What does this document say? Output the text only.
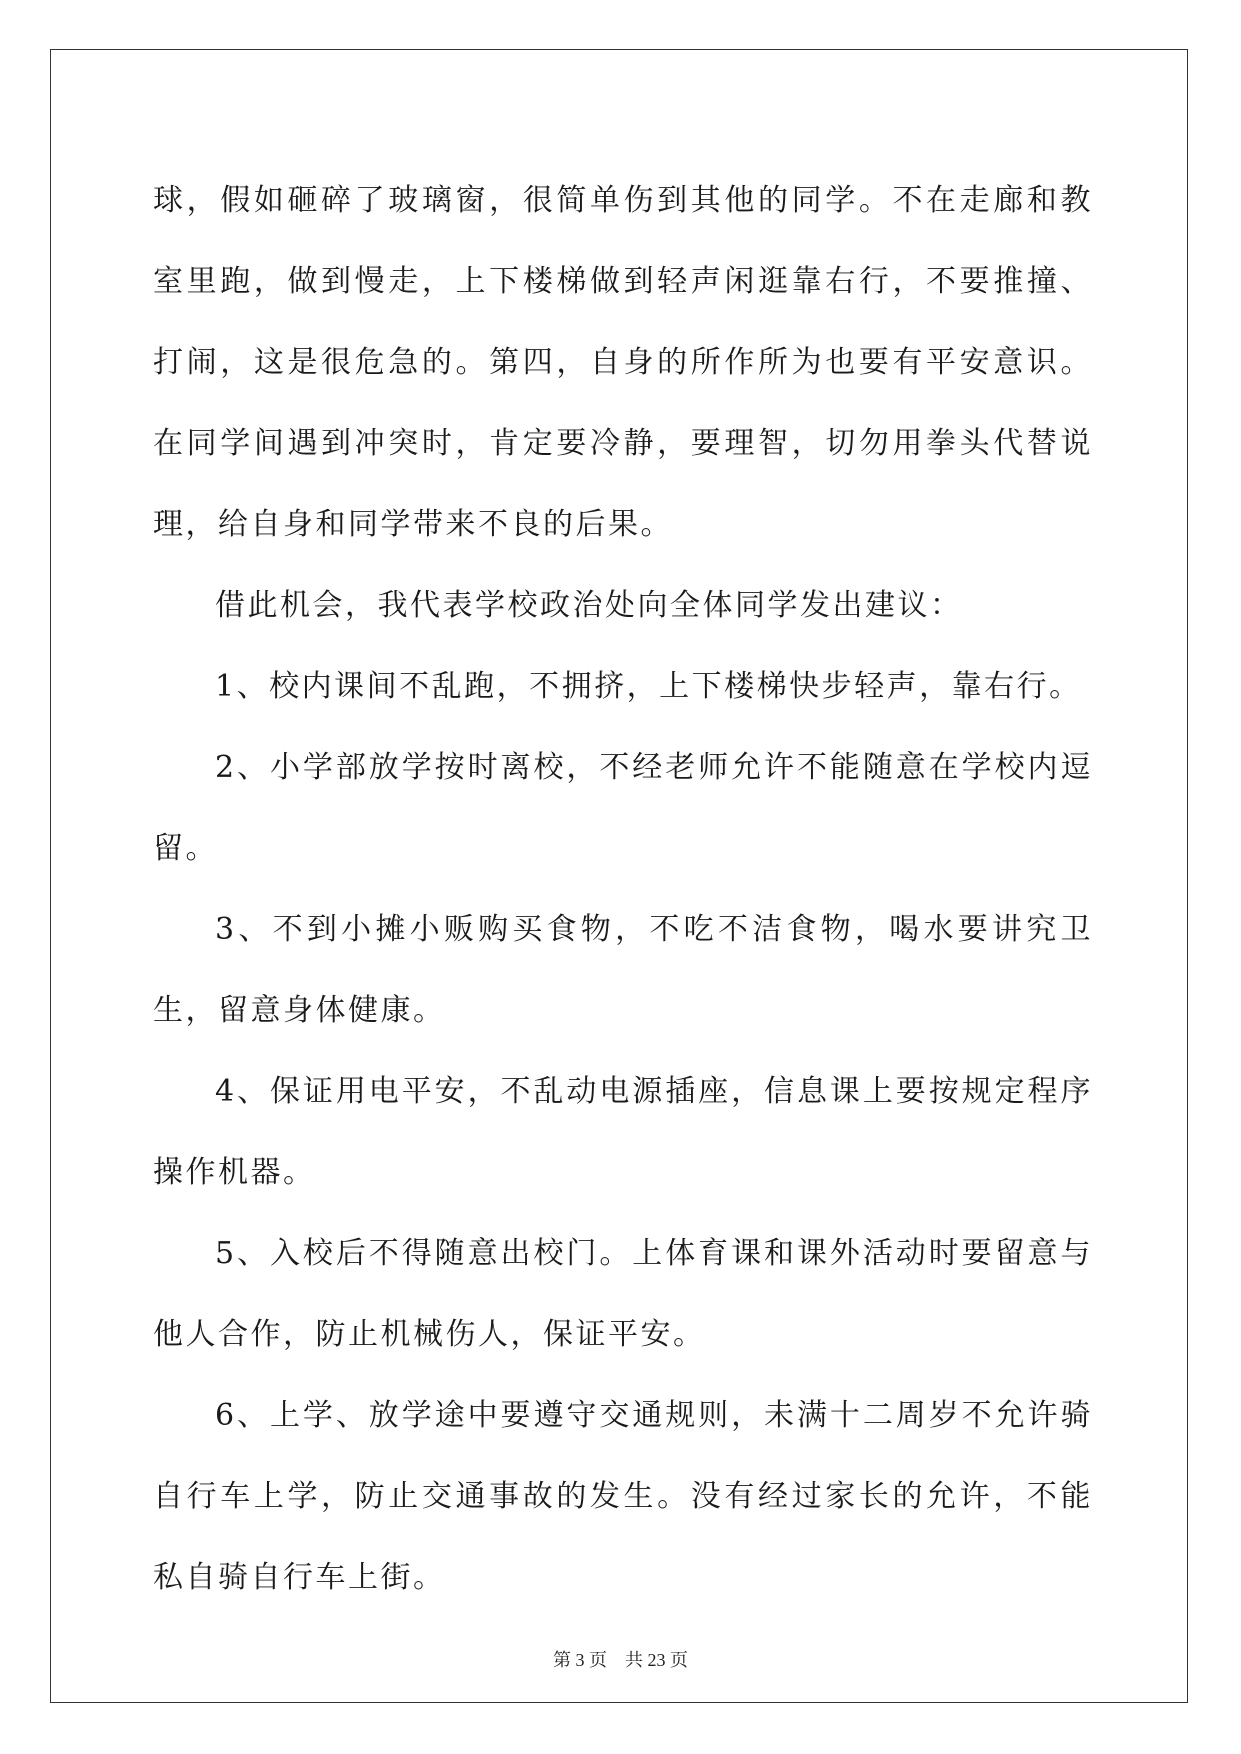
球，假如砸碎了玻璃窗，很简单伤到其他的同学。不在走廊和教室里跑，做到慢走，上下楼梯做到轻声闲逛靠右行，不要推撞、打闹，这是很危急的。第四，自身的所作所为也要有平安意识。在同学间遇到冲突时，肯定要冷静，要理智，切勿用拳头代替说理，给自身和同学带来不良的后果。

借此机会，我代表学校政治处向全体同学发出建议：

1、校内课间不乱跑，不拥挤，上下楼梯快步轻声，靠右行。

2、小学部放学按时离校，不经老师允许不能随意在学校内逗留。

3、不到小摊小贩购买食物，不吃不洁食物，喝水要讲究卫生，留意身体健康。

4、保证用电平安，不乱动电源插座，信息课上要按规定程序操作机器。

5、入校后不得随意出校门。上体育课和课外活动时要留意与他人合作，防止机械伤人，保证平安。

6、上学、放学途中要遵守交通规则，未满十二周岁不允许骑自行车上学，防止交通事故的发生。没有经过家长的允许，不能私自骑自行车上街。

第 3 页 共 23 页
